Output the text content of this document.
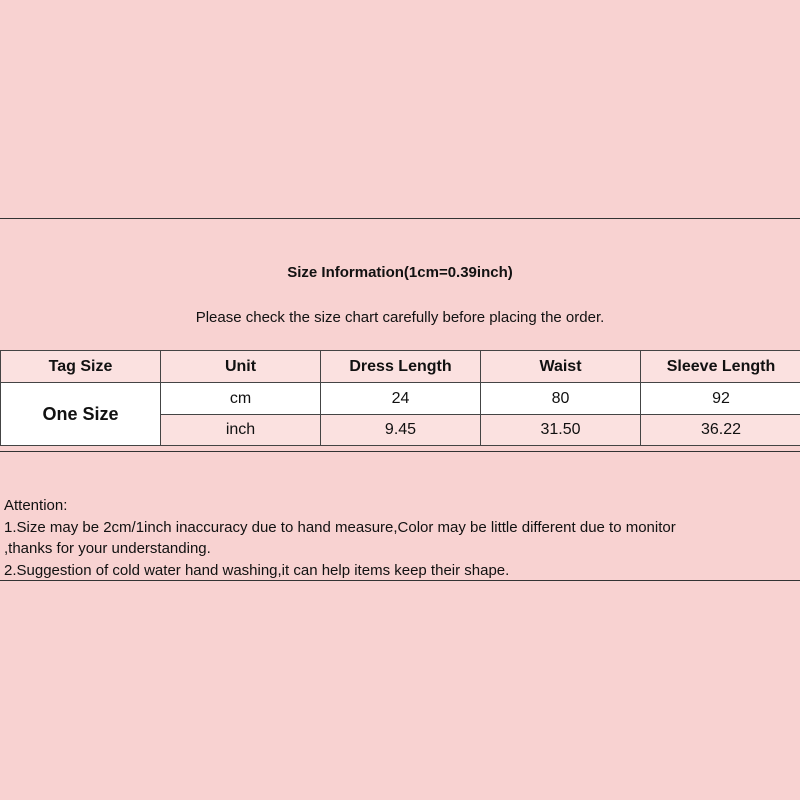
Size Information(1cm=0.39inch)
Please check the size chart carefully before placing the order.
Tag Size	Unit	Dress Length	Waist	Sleeve Length
One Size	cm	24	80	92
	inch	9.45	31.50	36.22
Attention:
1.Size may be 2cm/1inch inaccuracy due to hand measure,Color may be little different due to monitor
,thanks for your understanding.
2.Suggestion of cold water hand washing,it can help items keep their shape.
